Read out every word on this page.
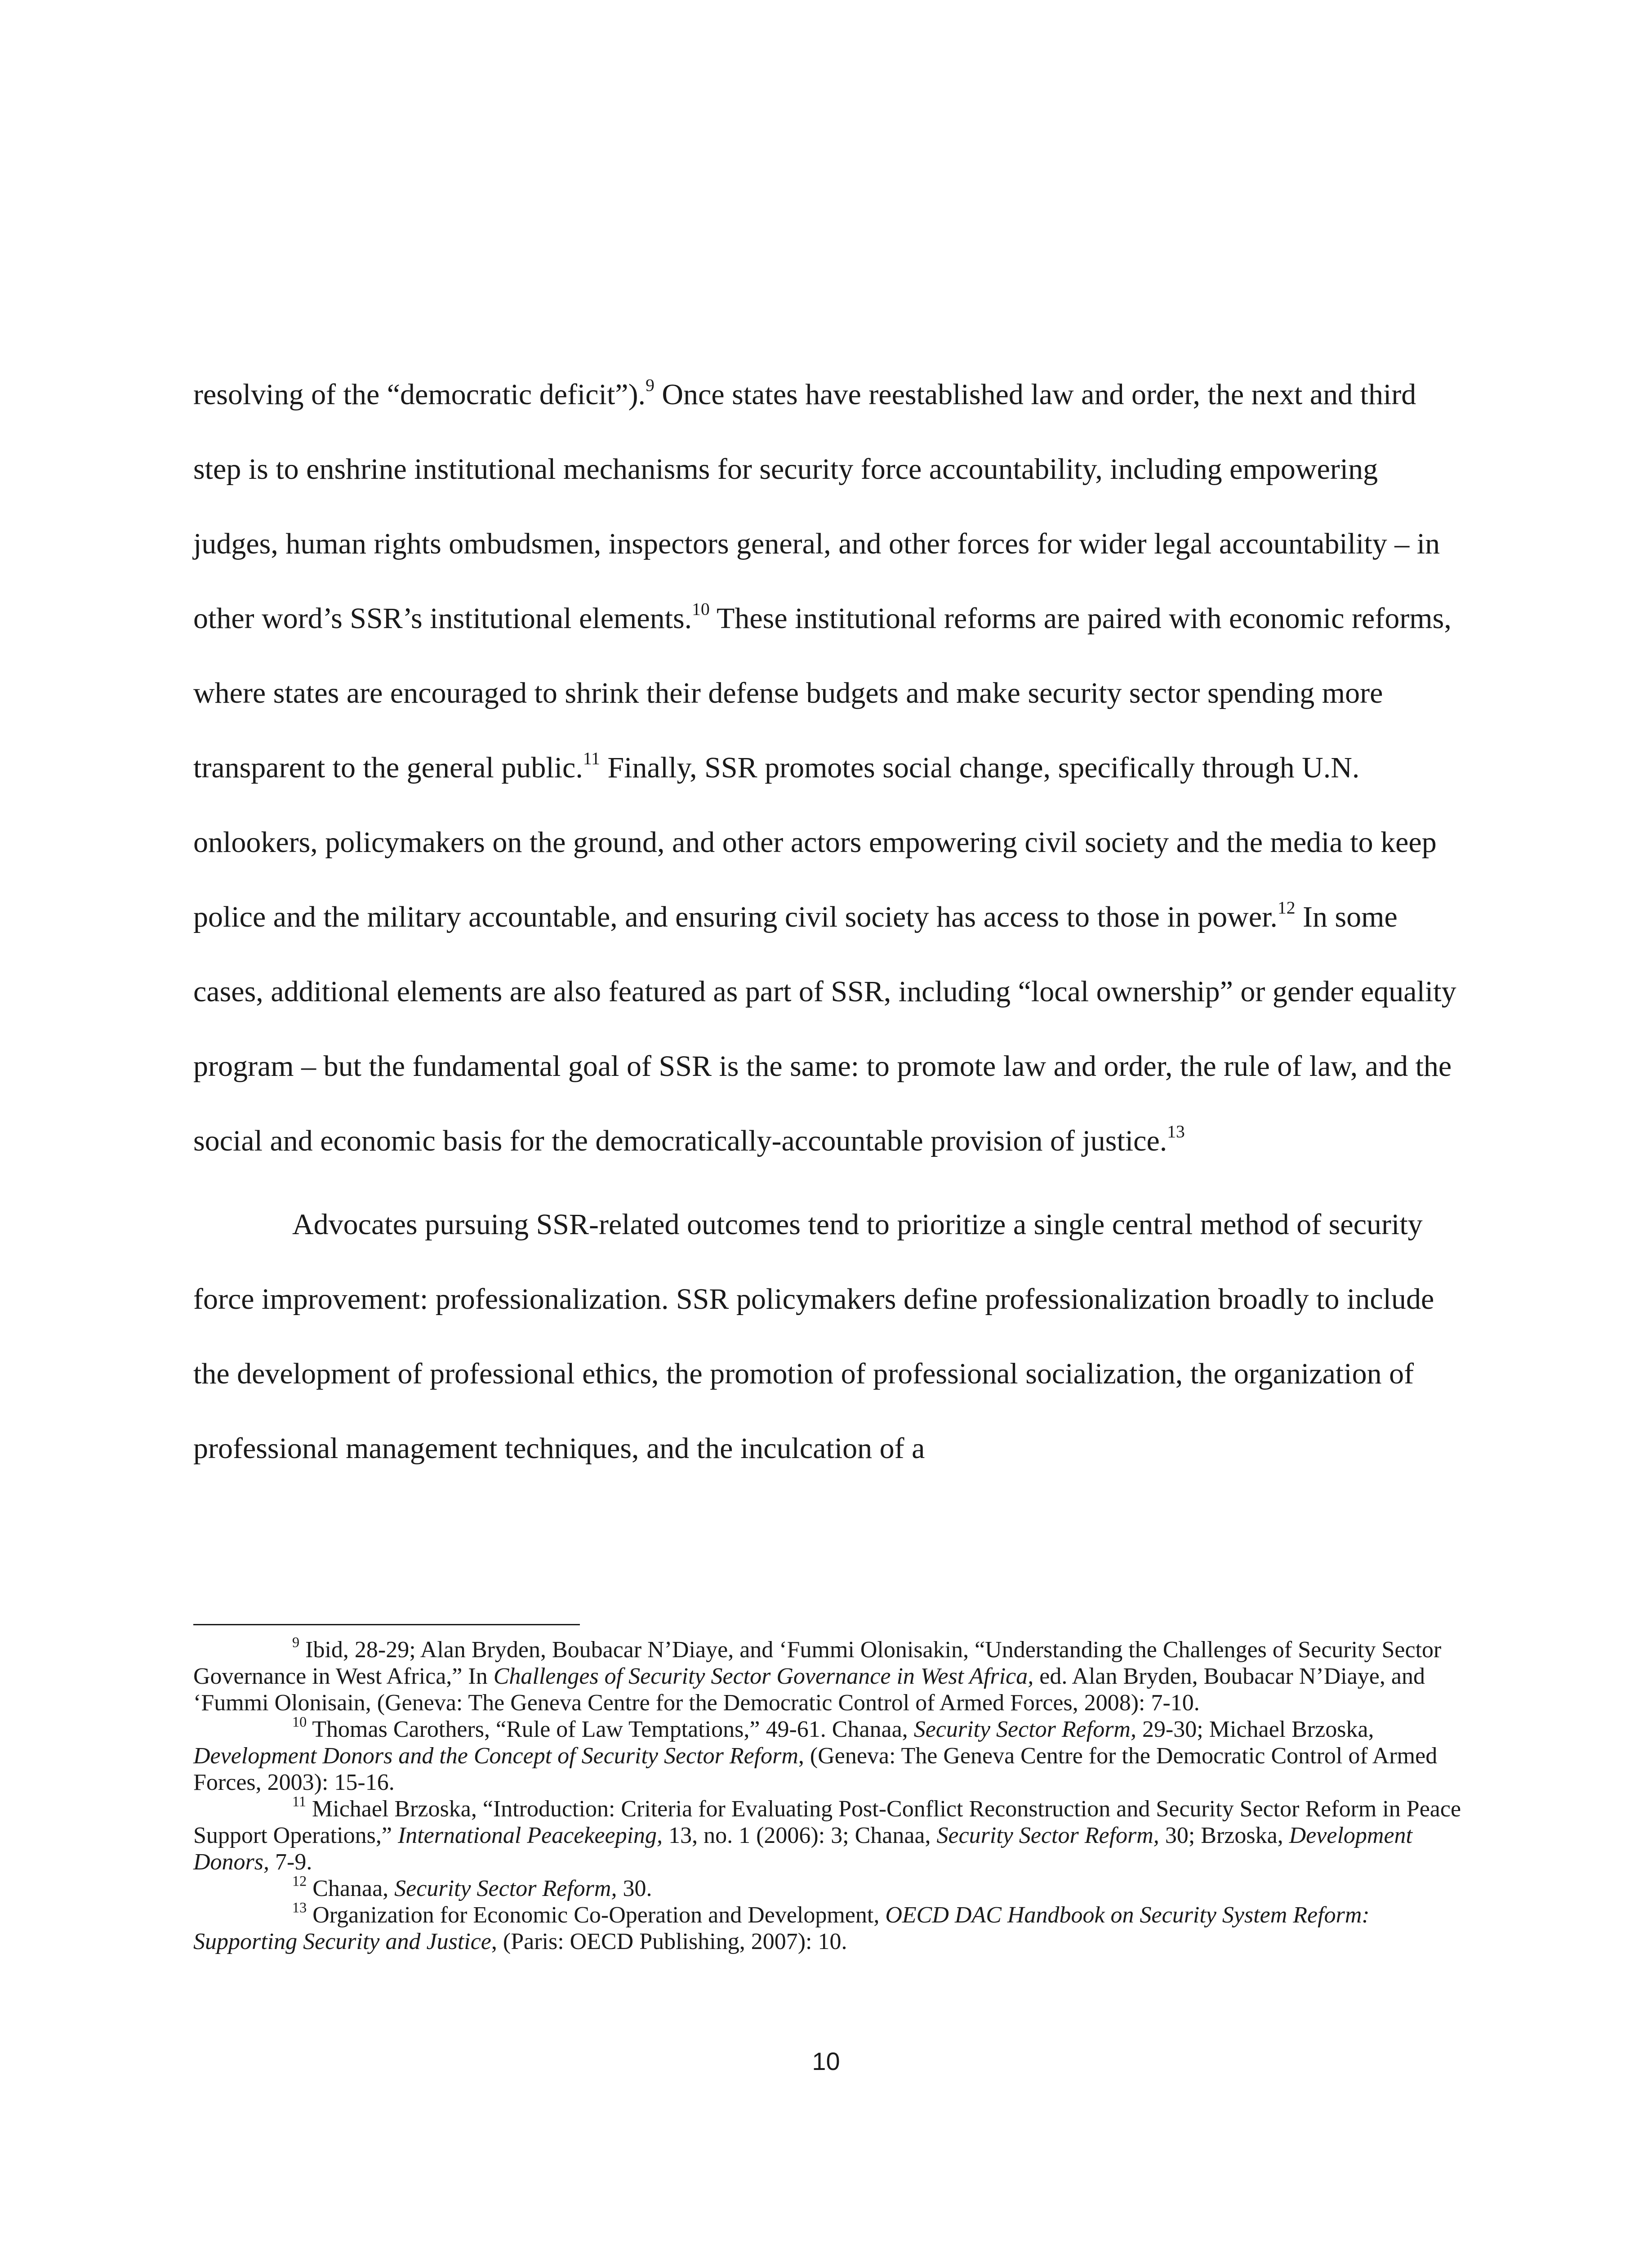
resolving of the “democratic deficit”).$^9$ Once states have reestablished law and order, the next and third step is to enshrine institutional mechanisms for security force accountability, including empowering judges, human rights ombudsmen, inspectors general, and other forces for wider legal accountability – in other word’s SSR’s institutional elements.$^{10}$ These institutional reforms are paired with economic reforms, where states are encouraged to shrink their defense budgets and make security sector spending more transparent to the general public.$^{11}$ Finally, SSR promotes social change, specifically through U.N. onlookers, policymakers on the ground, and other actors empowering civil society and the media to keep police and the military accountable, and ensuring civil society has access to those in power.$^{12}$ In some cases, additional elements are also featured as part of SSR, including “local ownership” or gender equality program – but the fundamental goal of SSR is the same: to promote law and order, the rule of law, and the social and economic basis for the democratically-accountable provision of justice.$^{13}$

Advocates pursuing SSR-related outcomes tend to prioritize a single central method of security force improvement: professionalization. SSR policymakers define professionalization broadly to include the development of professional ethics, the promotion of professional socialization, the organization of professional management techniques, and the inculcation of a

$^9$ Ibid, 28-29; Alan Bryden, Boubacar N’Diaye, and ‘Fummi Olonisakin, “Understanding the Challenges of Security Sector Governance in West Africa,” In Challenges of Security Sector Governance in West Africa, ed. Alan Bryden, Boubacar N’Diaye, and ‘Fummi Olonisain, (Geneva: The Geneva Centre for the Democratic Control of Armed Forces, 2008): 7-10.

$^{10}$ Thomas Carothers, “Rule of Law Temptations,” 49-61. Chanaa, Security Sector Reform, 29-30; Michael Brzoska, Development Donors and the Concept of Security Sector Reform, (Geneva: The Geneva Centre for the Democratic Control of Armed Forces, 2003): 15-16.

$^{11}$ Michael Brzoska, “Introduction: Criteria for Evaluating Post-Conflict Reconstruction and Security Sector Reform in Peace Support Operations,” International Peacekeeping, 13, no. 1 (2006): 3; Chanaa, Security Sector Reform, 30; Brzoska, Development Donors, 7-9.

$^{12}$ Chanaa, Security Sector Reform, 30.

$^{13}$ Organization for Economic Co-Operation and Development, OECD DAC Handbook on Security System Reform: Supporting Security and Justice, (Paris: OECD Publishing, 2007): 10.

10
